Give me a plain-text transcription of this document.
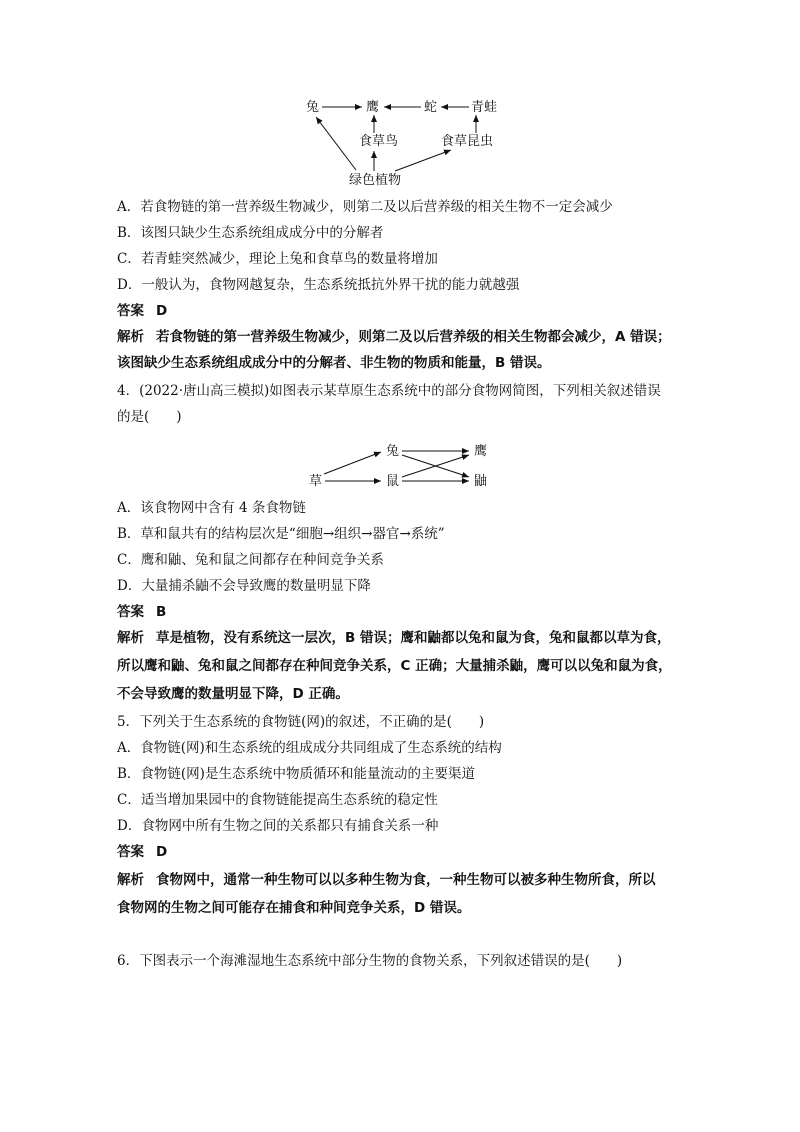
兔	鹰	蛇	青蛙
食草鸟	食草昆虫
绿色植物
草
兔
鼠
鹰
鼬
A．若食物链的第一营养级生物减少，则第二及以后营养级的相关生物不一定会减少
B．该图只缺少生态系统组成成分中的分解者
C．若青蛙突然减少，理论上兔和食草鸟的数量将增加
D．一般认为，食物网越复杂，生态系统抵抗外界干扰的能力就越强
答案 D
解析 若食物链的第一营养级生物减少，则第二及以后营养级的相关生物都会减少，A 错误；
该图缺少生态系统组成成分中的分解者、非生物的物质和能量，B 错误。
4．(2022·唐山高三模拟)如图表示某草原生态系统中的部分食物网简图，下列相关叙述错误
的是(　　)
A．该食物网中含有 4 条食物链
B．草和鼠共有的结构层次是“细胞→组织→器官→系统”
C．鹰和鼬、兔和鼠之间都存在种间竞争关系
D．大量捕杀鼬不会导致鹰的数量明显下降
答案 B
解析 草是植物，没有系统这一层次，B 错误；鹰和鼬都以兔和鼠为食，兔和鼠都以草为食，
所以鹰和鼬、兔和鼠之间都存在种间竞争关系，C 正确；大量捕杀鼬，鹰可以以兔和鼠为食，
不会导致鹰的数量明显下降，D 正确。
5．下列关于生态系统的食物链(网)的叙述，不正确的是(　　)
A．食物链(网)和生态系统的组成成分共同组成了生态系统的结构
B．食物链(网)是生态系统中物质循环和能量流动的主要渠道
C．适当增加果园中的食物链能提高生态系统的稳定性
D．食物网中所有生物之间的关系都只有捕食关系一种
答案 D
解析 食物网中，通常一种生物可以以多种生物为食，一种生物可以被多种生物所食，所以
食物网的生物之间可能存在捕食和种间竞争关系，D 错误。
6．下图表示一个海滩湿地生态系统中部分生物的食物关系，下列叙述错误的是(　　)
